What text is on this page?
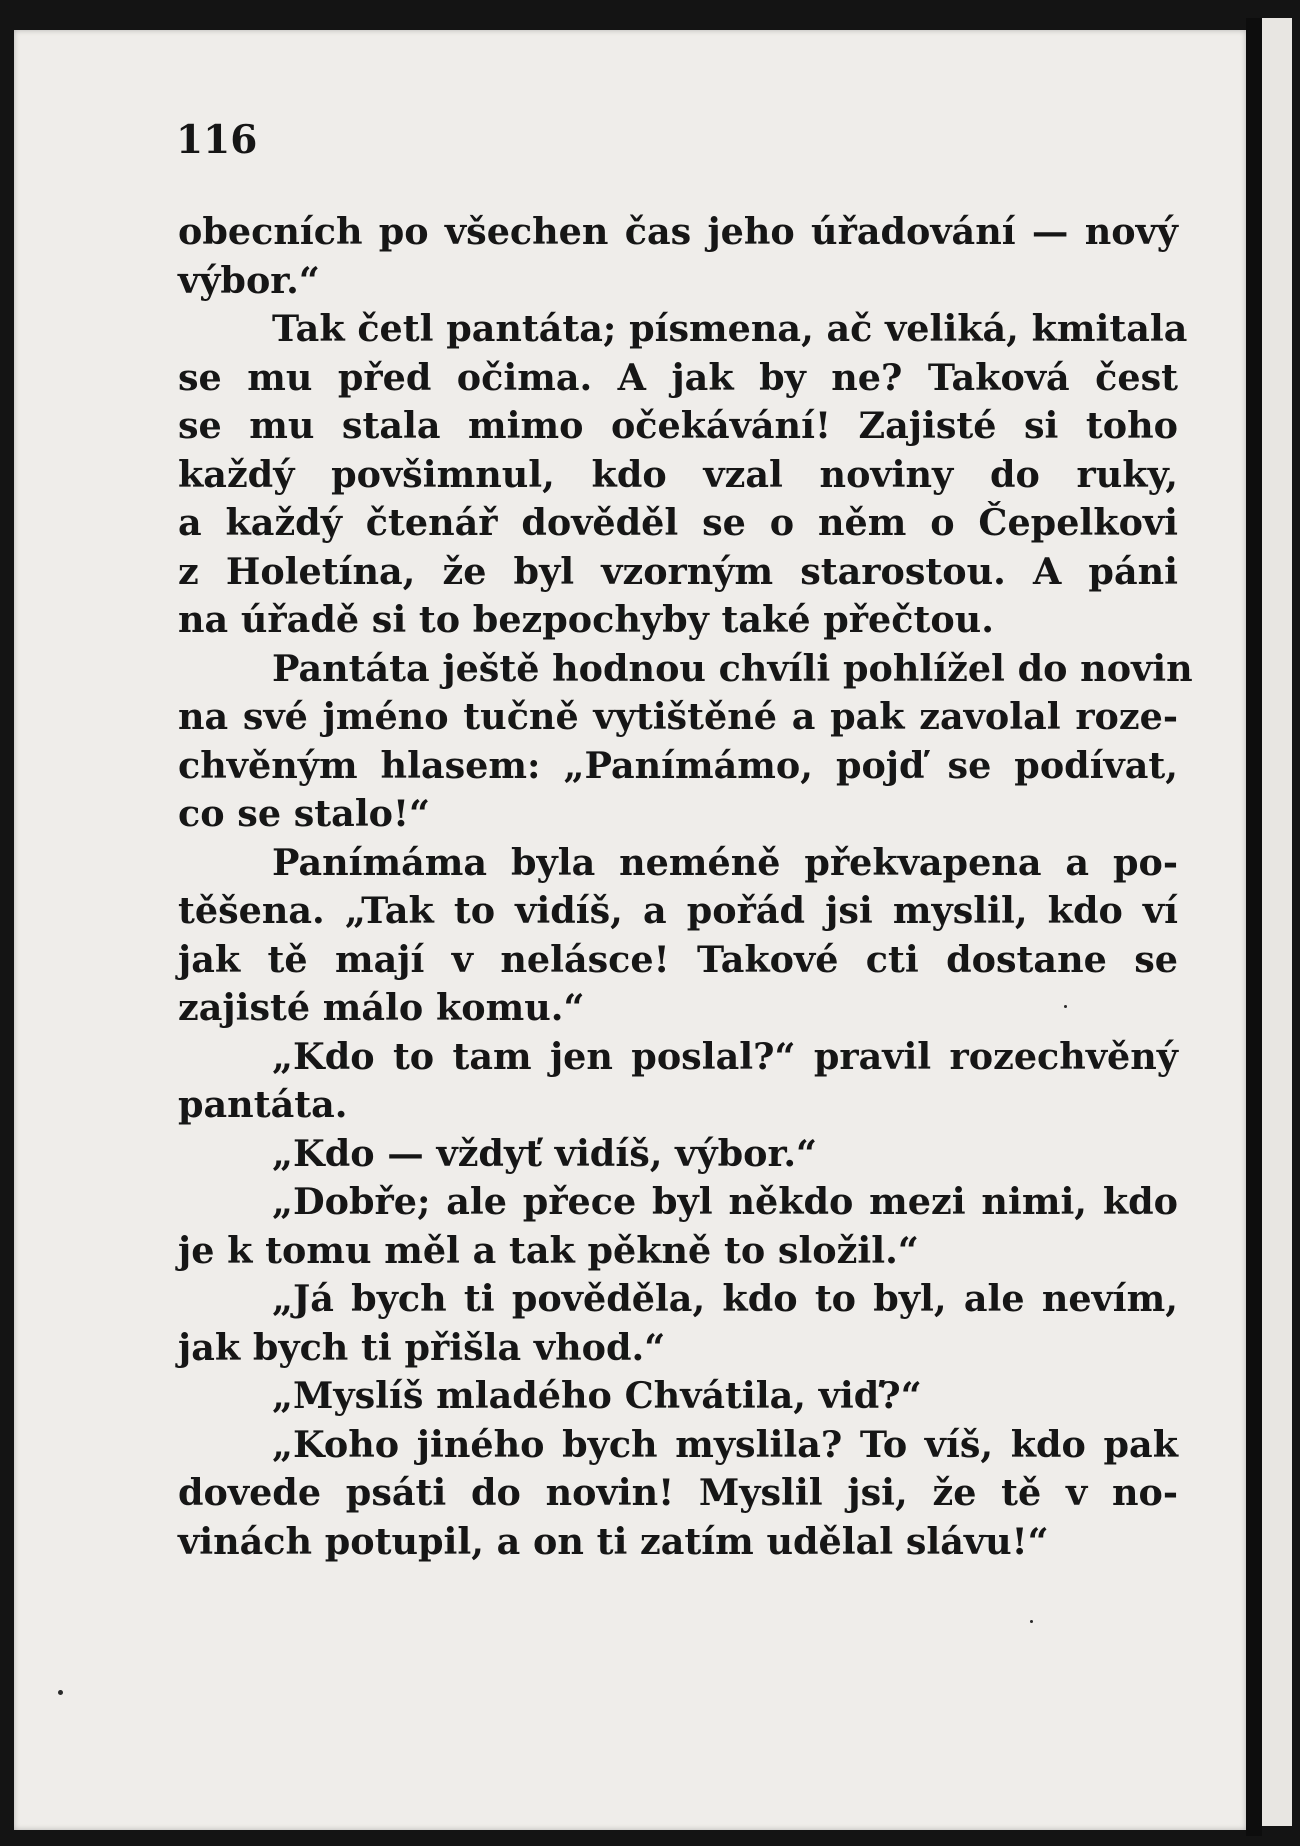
116
obecních po všechen čas jeho úřadování — nový
výbor.“
Tak četl pantáta; písmena, ač veliká, kmitala
se mu před očima. A jak by ne? Taková čest
se mu stala mimo očekávání! Zajisté si toho
každý povšimnul, kdo vzal noviny do ruky,
a každý čtenář dověděl se o něm o Čepelkovi
z Holetína, že byl vzorným starostou. A páni
na úřadě si to bezpochyby také přečtou.
Pantáta ještě hodnou chvíli pohlížel do novin
na své jméno tučně vytištěné a pak zavolal roze-
chvěným hlasem: „Panímámo, pojď se podívat,
co se stalo!“
Panímáma byla neméně překvapena a po-
těšena. „Tak to vidíš, a pořád jsi myslil, kdo ví
jak tě mají v nelásce! Takové cti dostane se
zajisté málo komu.“
„Kdo to tam jen poslal?“ pravil rozechvěný
pantáta.
„Kdo — vždyť vidíš, výbor.“
„Dobře; ale přece byl někdo mezi nimi, kdo
je k tomu měl a tak pěkně to složil.“
„Já bych ti pověděla, kdo to byl, ale nevím,
jak bych ti přišla vhod.“
„Myslíš mladého Chvátila, viď?“
„Koho jiného bych myslila? To víš, kdo pak
dovede psáti do novin! Myslil jsi, že tě v no-
vinách potupil, a on ti zatím udělal slávu!“
